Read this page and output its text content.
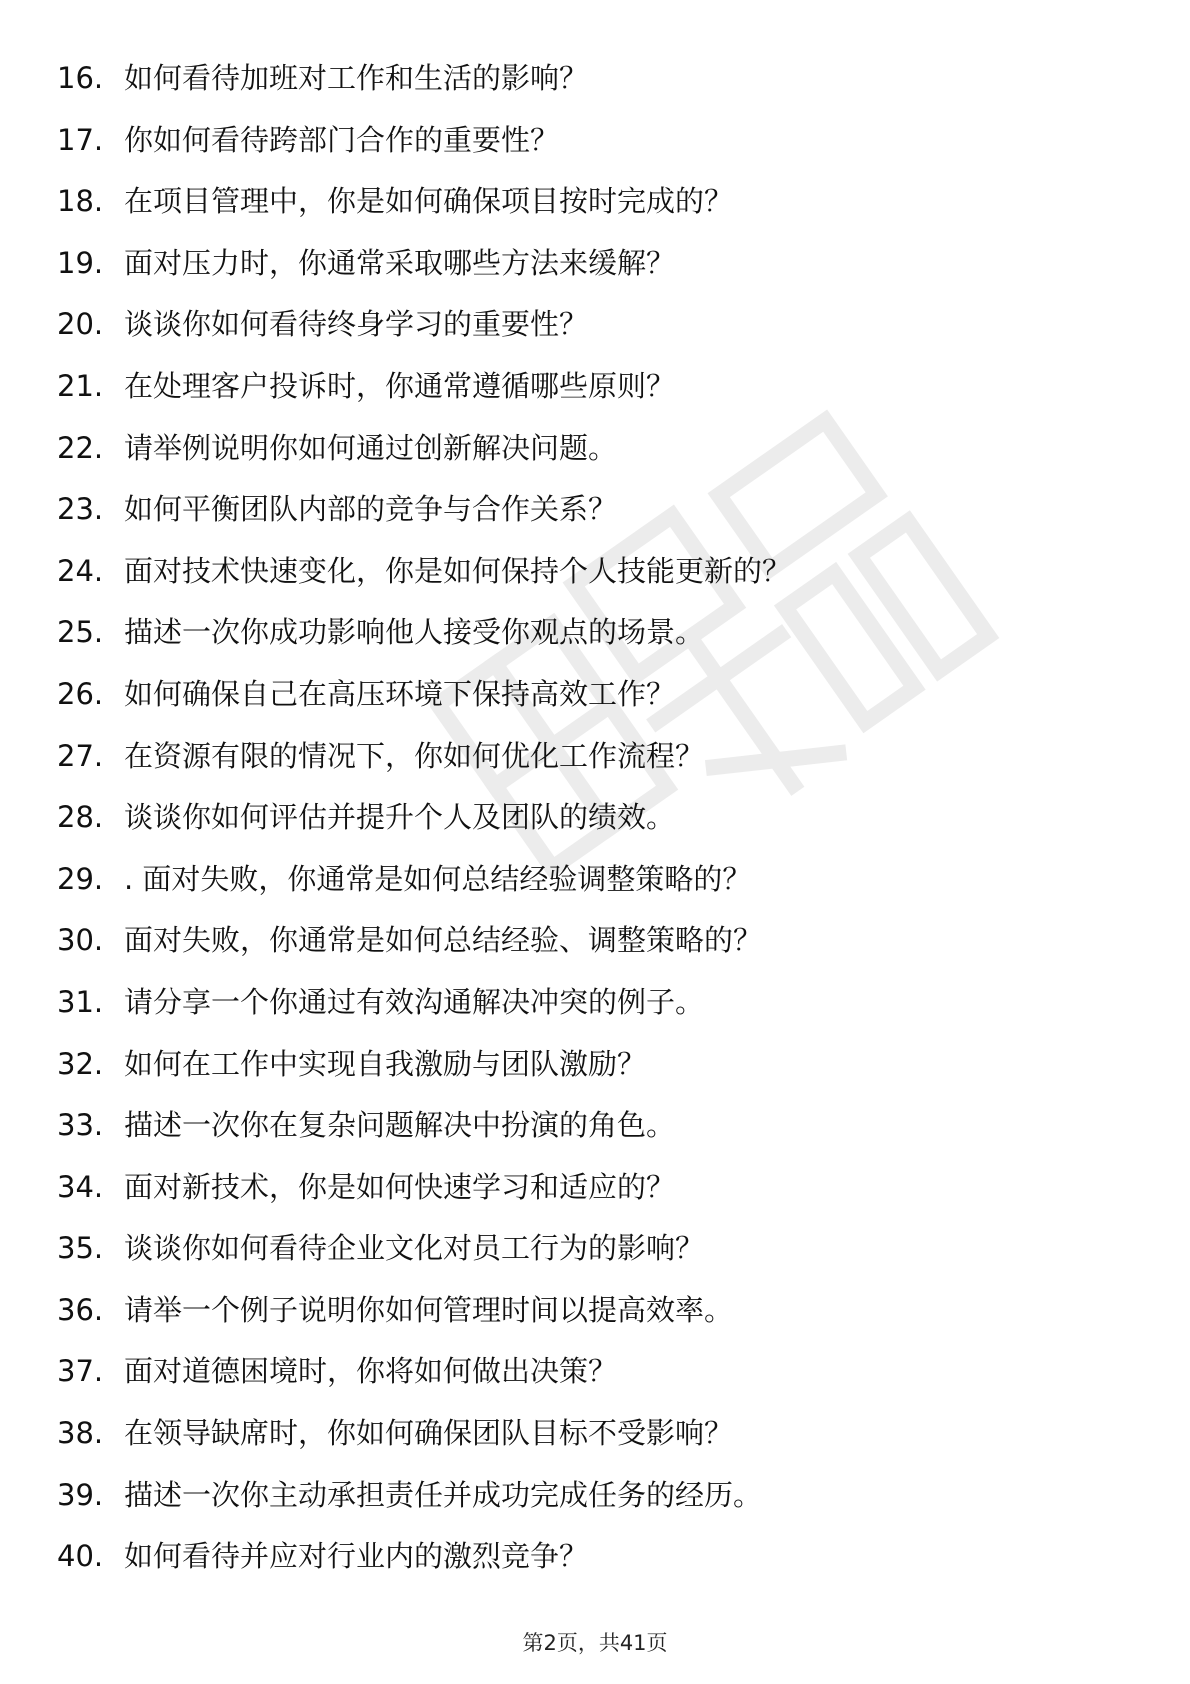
16. 如何看待加班对工作和生活的影响？
17. 你如何看待跨部门合作的重要性？
18. 在项目管理中，你是如何确保项目按时完成的？
19. 面对压力时，你通常采取哪些方法来缓解？
20. 谈谈你如何看待终身学习的重要性？
21. 在处理客户投诉时，你通常遵循哪些原则？
22. 请举例说明你如何通过创新解决问题。
23. 如何平衡团队内部的竞争与合作关系？
24. 面对技术快速变化，你是如何保持个人技能更新的？
25. 描述一次你成功影响他人接受你观点的场景。
26. 如何确保自己在高压环境下保持高效工作？
27. 在资源有限的情况下，你如何优化工作流程？
28. 谈谈你如何评估并提升个人及团队的绩效。
29. . 面对失败，你通常是如何总结经验调整策略的？
30. 面对失败，你通常是如何总结经验、调整策略的？
31. 请分享一个你通过有效沟通解决冲突的例子。
32. 如何在工作中实现自我激励与团队激励？
33. 描述一次你在复杂问题解决中扮演的角色。
34. 面对新技术，你是如何快速学习和适应的？
35. 谈谈你如何看待企业文化对员工行为的影响？
36. 请举一个例子说明你如何管理时间以提高效率。
37. 面对道德困境时，你将如何做出决策？
38. 在领导缺席时，你如何确保团队目标不受影响？
39. 描述一次你主动承担责任并成功完成任务的经历。
40. 如何看待并应对行业内的激烈竞争？
第2页，共41页
